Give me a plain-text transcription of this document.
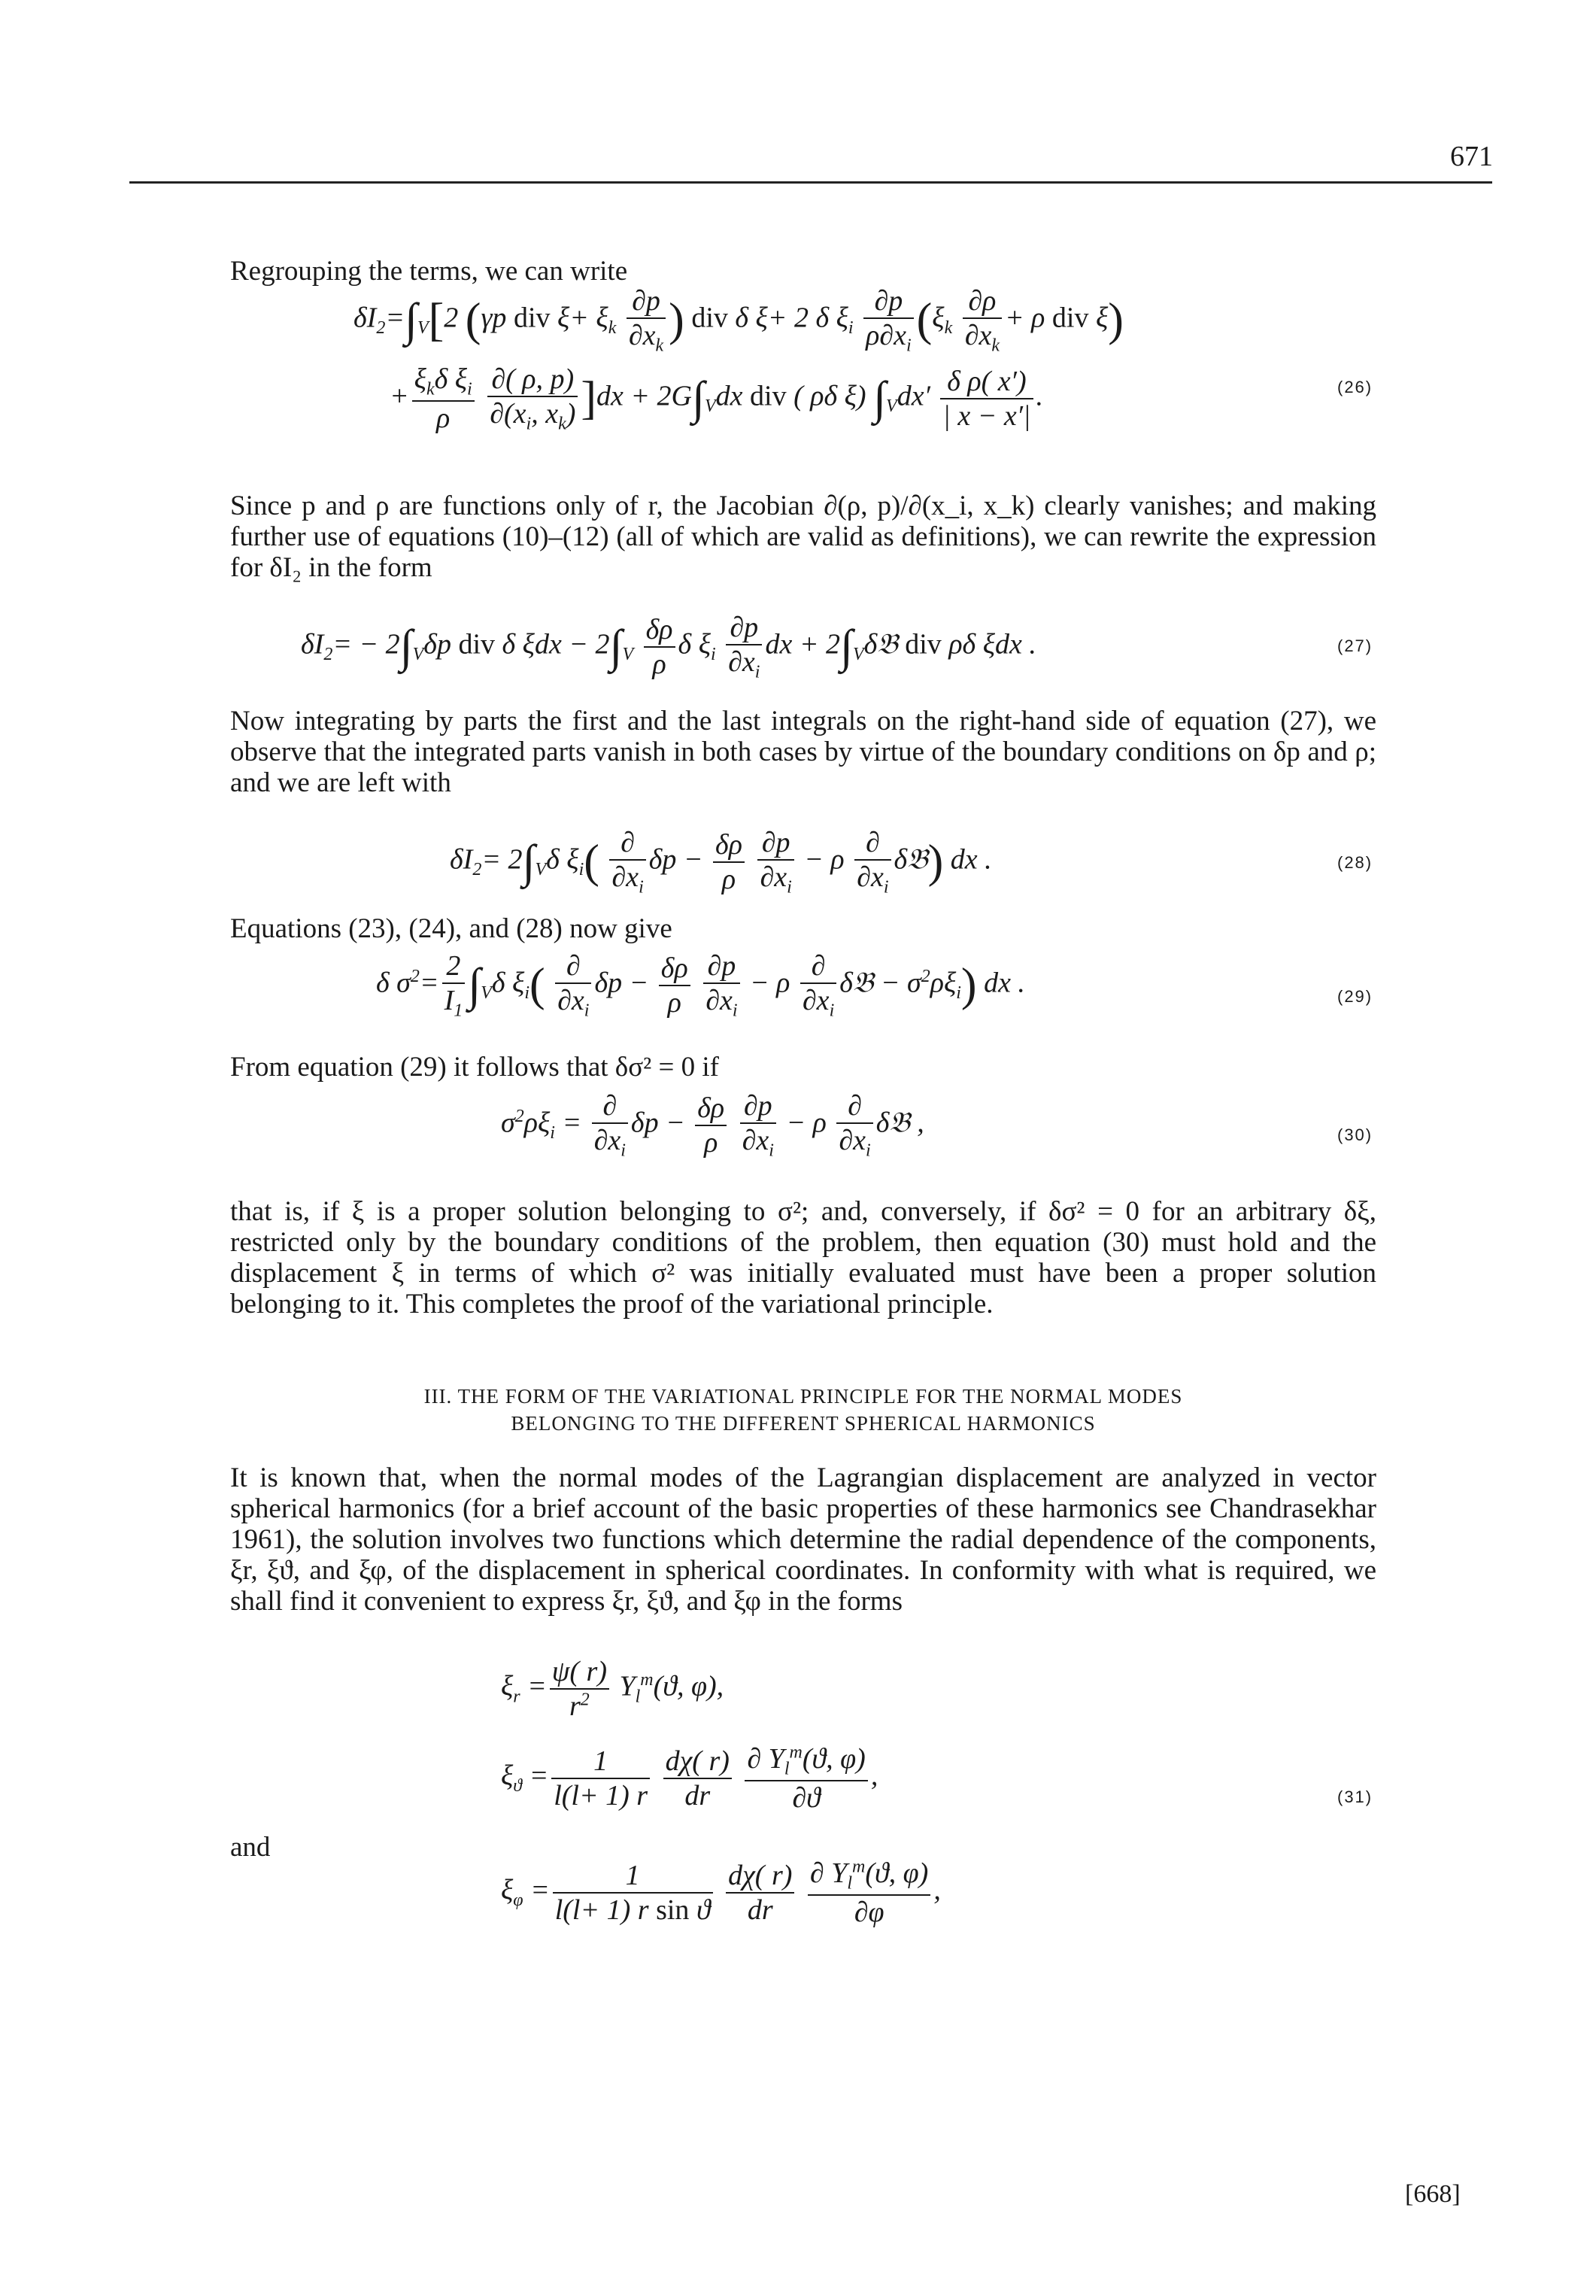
671

Regrouping the terms, we can write

$\delta I_2=\int_V[2$ (γp div $\xi+ \xi_k \frac{\partial p}{\partial x_k}$ ) div δ ξ+ 2 δ $\xi_i \frac{\partial p}{\rho\partial x_i} (\xi_k \frac{\partial\rho}{\partial x_k} + \rho$ div ξ)
+ $\frac{\xi_k\delta \xi_i}{\rho}$
$\frac{\partial( \rho, p)}{\partial(x_i, x_k)} ]dx + 2G\int_Vdx$ div ( ρδ ξ) $\int_Vdx' \frac{\text{δ ρ( x′)}}{| x - x'|}$ .	(26)

Since p and ρ are functions only of r, the Jacobian ∂(ρ, p)/∂(x_i, x_k) clearly vanishes; and making further use of equations (10)–(12) (all of which are valid as definitions), we can rewrite the expression for δI₂ in the form

$\delta I_2= - 2\int_V\delta p$ div δ $\xi dx - 2\int_V \frac{\delta\rho}{\rho}$ δ $\xi_i \frac{\partial p}{\partial x_i}$ dx + $2\int_V\delta 𝔅$ div ρδ ξdx .	(27)

Now integrating by parts the first and the last integrals on the right-hand side of equation (27), we observe that the integrated parts vanish in both cases by virtue of the boundary conditions on δp and ρ; and we are left with

$\delta I_2= 2\int_V\delta$ $\xi_i( \frac{\partial}{\partial x_i}$ $\delta p - \frac{\delta\rho}{\rho}$
$\frac{\partial p}{\partial x_i} - \rho \frac{\partial}{\partial x_i}$ δ𝔅) dx .	(28)

Equations (23), (24), and (28) now give

δ $\sigma^2= \frac{2}{I_1} \int_V\delta$ $\xi_i( \frac{\partial}{\partial x_i}$ $\delta p - \frac{\delta\rho}{\rho}$
$\frac{\partial p}{\partial x_i} - \rho \frac{\partial}{\partial x_i}$ δ𝔅 − $\sigma^2\rho\xi_i$) dx .	(29)

From equation (29) it follows that δσ² = 0 if

$\sigma^2\rho\xi_i = \frac{\partial}{\partial x_i}$ $\delta p - \frac{\delta\rho}{\rho}$
$\frac{\partial p}{\partial x_i} - \rho \frac{\partial}{\partial x_i}$ δ𝔅 ,	(30)

that is, if ξ is a proper solution belonging to σ²; and, conversely, if δσ² = 0 for an arbitrary δξ, restricted only by the boundary conditions of the problem, then equation (30) must hold and the displacement ξ in terms of which σ² was initially evaluated must have been a proper solution belonging to it. This completes the proof of the variational principle.

III. THE FORM OF THE VARIATIONAL PRINCIPLE FOR THE NORMAL MODES
BELONGING TO THE DIFFERENT SPHERICAL HARMONICS

It is known that, when the normal modes of the Lagrangian displacement are analyzed in vector spherical harmonics (for a brief account of the basic properties of these harmonics see Chandrasekhar 1961), the solution involves two functions which determine the radial dependence of the components, ξr, ξϑ, and ξφ, of the displacement in spherical coordinates. In conformity with what is required, we shall find it convenient to express ξr, ξϑ, and ξφ in the forms

$\xi_r = \frac{\psi( r)}{r^2} Y_l^m(ϑ$, φ),
$\xi_ϑ = \frac{1}{l(l+ 1) r}$
$\frac{d\chi( r)}{dr}$
$\frac{\partial Y_l^m(ϑ, \varphi)}{\partial ϑ}$ ,
(31)
and
$\xi_\varphi = \frac{1}{\text{l(l+ 1) r sin ϑ}}$
$\frac{d\chi( r)}{dr}$
$\frac{\partial Y_l^m(ϑ, \varphi)}{\partial\varphi}$ ,
[668]
